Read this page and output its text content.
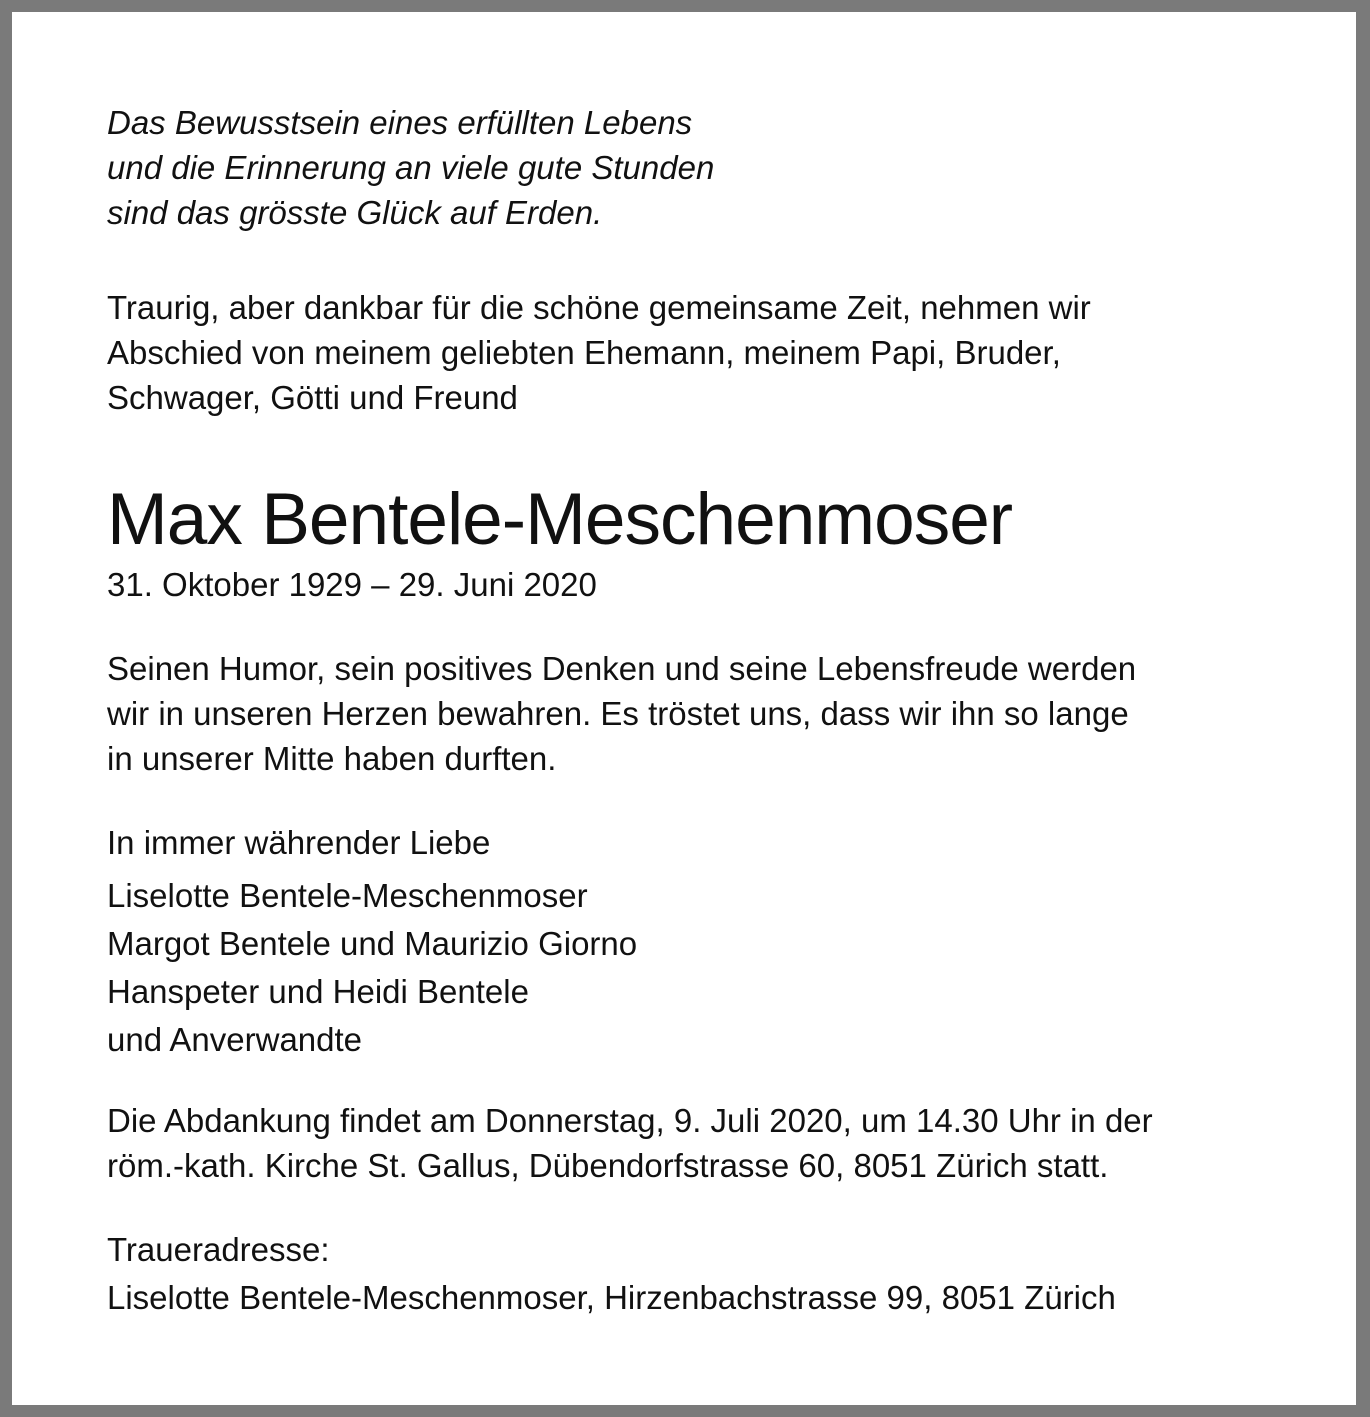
Das Bewusstsein eines erfüllten Lebens
und die Erinnerung an viele gute Stunden
sind das grösste Glück auf Erden.
Traurig, aber dankbar für die schöne gemeinsame Zeit, nehmen wir
Abschied von meinem geliebten Ehemann, meinem Papi, Bruder,
Schwager, Götti und Freund
Max Bentele-Meschenmoser
31. Oktober 1929 – 29. Juni 2020
Seinen Humor, sein positives Denken und seine Lebensfreude werden
wir in unseren Herzen bewahren. Es tröstet uns, dass wir ihn so lange
in unserer Mitte haben durften.
In immer währender Liebe
Liselotte Bentele-Meschenmoser
Margot Bentele und Maurizio Giorno
Hanspeter und Heidi Bentele
und Anverwandte
Die Abdankung findet am Donnerstag, 9. Juli 2020, um 14.30 Uhr in der
röm.-kath. Kirche St. Gallus, Dübendorfstrasse 60, 8051 Zürich statt.
Traueradresse:
Liselotte Bentele-Meschenmoser, Hirzenbachstrasse 99, 8051 Zürich
